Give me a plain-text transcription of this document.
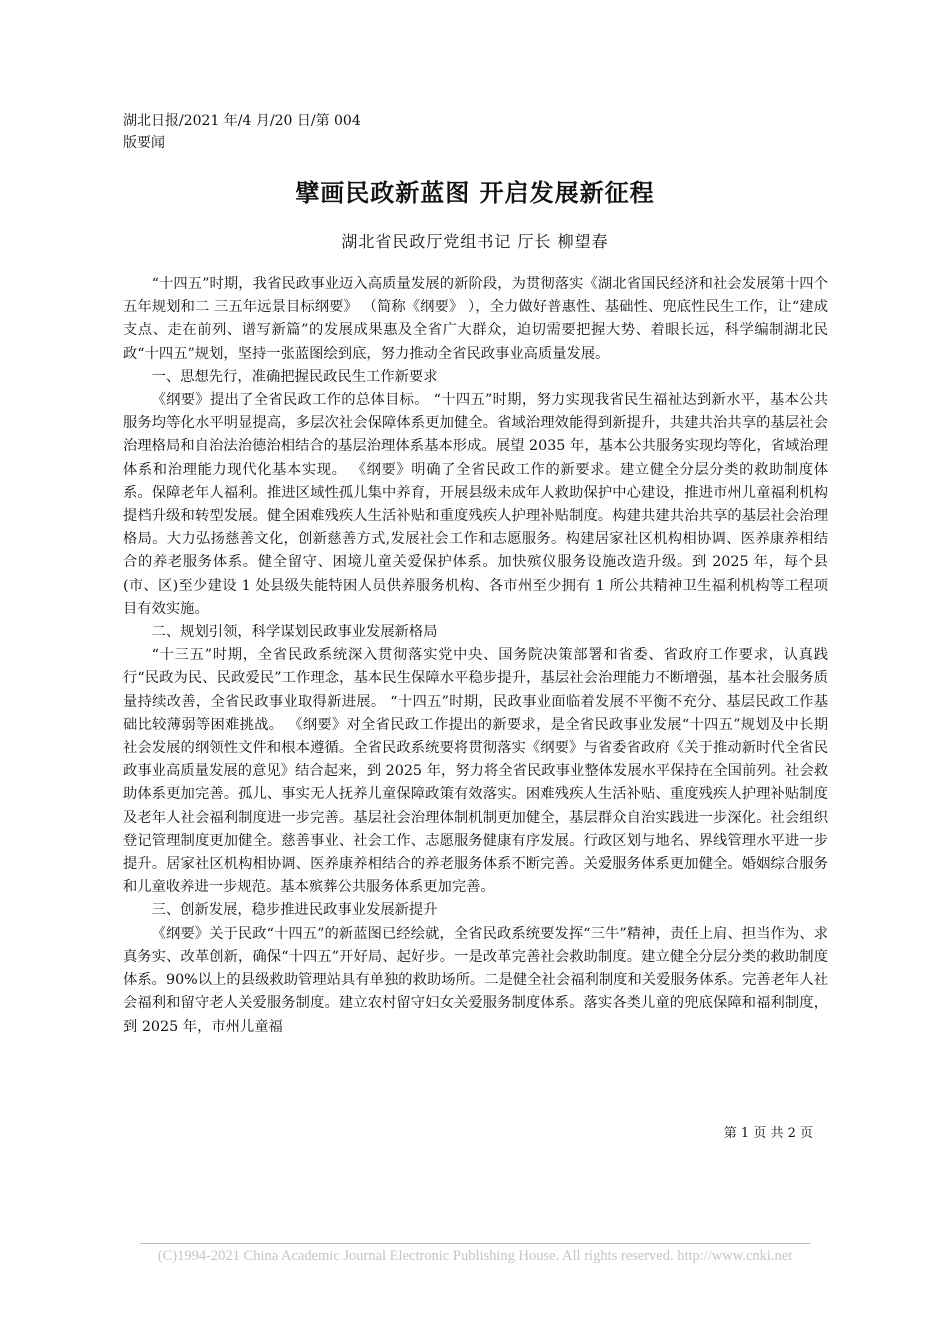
湖北日报/2021 年/4 月/20 日/第 004
版要闻
擘画民政新蓝图 开启发展新征程
湖北省民政厅党组书记 厅长 柳望春

“十四五”时期，我省民政事业迈入高质量发展的新阶段，为贯彻落实《湖北省国民经济和社会发展第十四个五年规划和二 三五年远景目标纲要》 （简称《纲要》 ），全力做好普惠性、基础性、兜底性民生工作，让“建成支点、走在前列、谱写新篇”的发展成果惠及全省广大群众，迫切需要把握大势、着眼长远，科学编制湖北民政“十四五”规划，坚持一张蓝图绘到底，努力推动全省民政事业高质量发展。

一、思想先行，准确把握民政民生工作新要求

《纲要》提出了全省民政工作的总体目标。 “十四五”时期，努力实现我省民生福祉达到新水平，基本公共服务均等化水平明显提高，多层次社会保障体系更加健全。省域治理效能得到新提升，共建共治共享的基层社会治理格局和自治法治德治相结合的基层治理体系基本形成。展望 2035 年，基本公共服务实现均等化，省域治理体系和治理能力现代化基本实现。 《纲要》明确了全省民政工作的新要求。建立健全分层分类的救助制度体系。保障老年人福利。推进区域性孤儿集中养育，开展县级未成年人救助保护中心建设，推进市州儿童福利机构提档升级和转型发展。健全困难残疾人生活补贴和重度残疾人护理补贴制度。构建共建共治共享的基层社会治理格局。大力弘扬慈善文化，创新慈善方式,发展社会工作和志愿服务。构建居家社区机构相协调、医养康养相结合的养老服务体系。健全留守、困境儿童关爱保护体系。加快殡仪服务设施改造升级。到 2025 年，每个县(市、区)至少建设 1 处县级失能特困人员供养服务机构、各市州至少拥有 1 所公共精神卫生福利机构等工程项目有效实施。

二、规划引领，科学谋划民政事业发展新格局

“十三五”时期，全省民政系统深入贯彻落实党中央、国务院决策部署和省委、省政府工作要求，认真践行“民政为民、民政爱民”工作理念，基本民生保障水平稳步提升，基层社会治理能力不断增强，基本社会服务质量持续改善，全省民政事业取得新进展。 “十四五”时期，民政事业面临着发展不平衡不充分、基层民政工作基础比较薄弱等困难挑战。 《纲要》对全省民政工作提出的新要求，是全省民政事业发展“十四五”规划及中长期社会发展的纲领性文件和根本遵循。全省民政系统要将贯彻落实《纲要》与省委省政府《关于推动新时代全省民政事业高质量发展的意见》结合起来，到 2025 年，努力将全省民政事业整体发展水平保持在全国前列。社会救助体系更加完善。孤儿、事实无人抚养儿童保障政策有效落实。困难残疾人生活补贴、重度残疾人护理补贴制度及老年人社会福利制度进一步完善。基层社会治理体制机制更加健全，基层群众自治实践进一步深化。社会组织登记管理制度更加健全。慈善事业、社会工作、志愿服务健康有序发展。行政区划与地名、界线管理水平进一步提升。居家社区机构相协调、医养康养相结合的养老服务体系不断完善。关爱服务体系更加健全。婚姻综合服务和儿童收养进一步规范。基本殡葬公共服务体系更加完善。

三、创新发展，稳步推进民政事业发展新提升

《纲要》关于民政“十四五”的新蓝图已经绘就，全省民政系统要发挥“三牛”精神，责任上肩、担当作为、求真务实、改革创新，确保“十四五”开好局、起好步。一是改革完善社会救助制度。建立健全分层分类的救助制度体系。90%以上的县级救助管理站具有单独的救助场所。二是健全社会福利制度和关爱服务体系。完善老年人社会福利和留守老人关爱服务制度。建立农村留守妇女关爱服务制度体系。落实各类儿童的兜底保障和福利制度，到 2025 年，市州儿童福

第 1 页 共 2 页
(C)1994-2021 China Academic Journal Electronic Publishing House. All rights reserved. http://www.cnki.net
